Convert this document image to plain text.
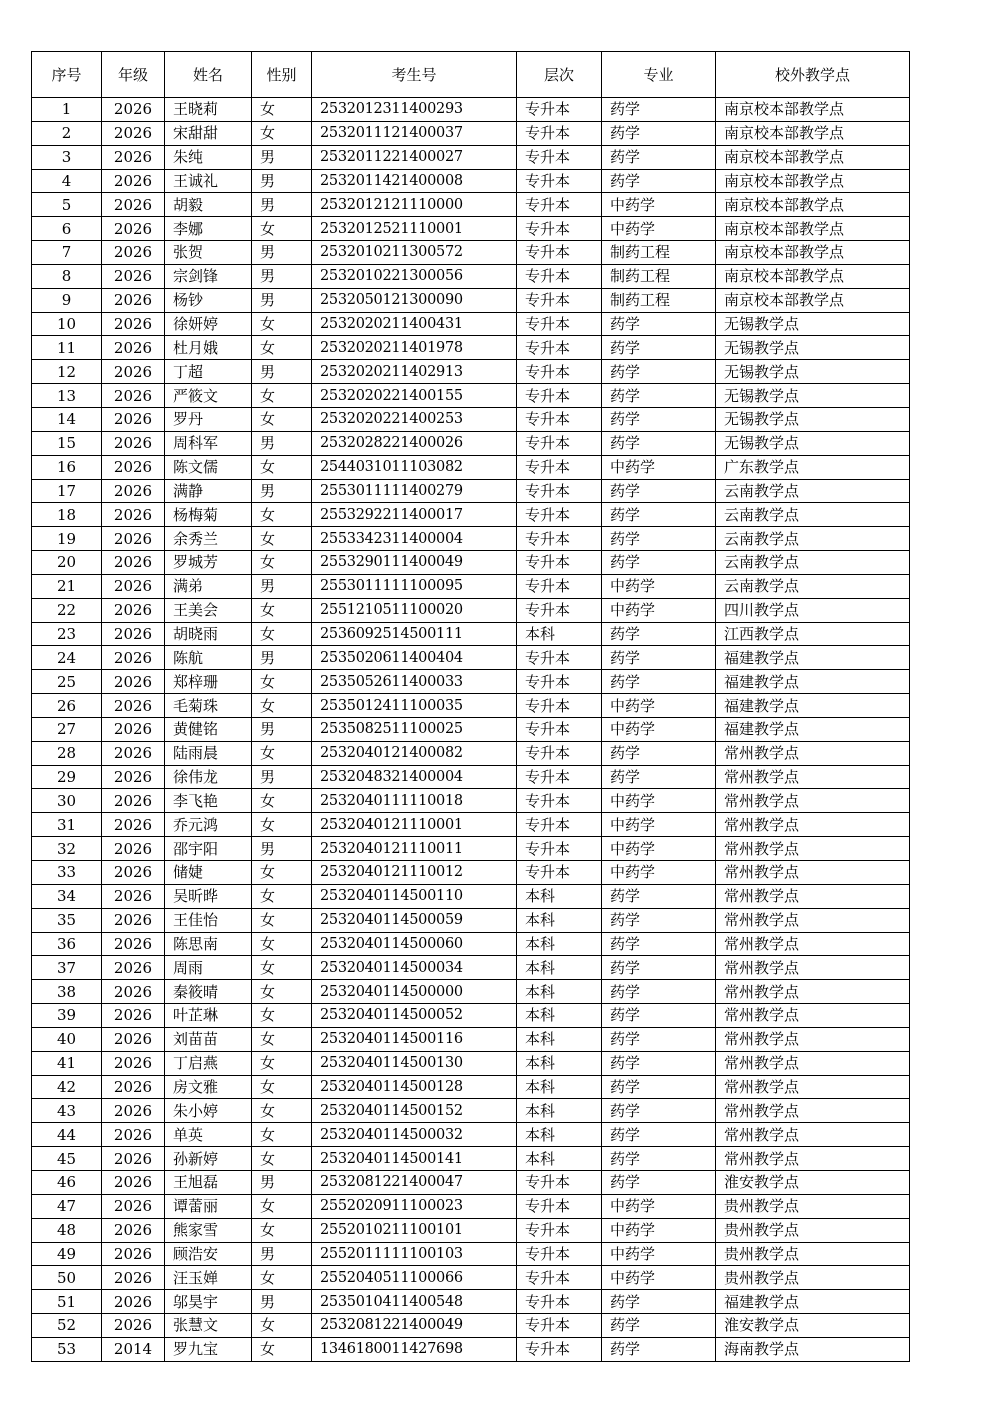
序号	年级	姓名	性别	考生号	层次	专业	校外教学点
1	2026	王晓莉	女	2532012311400293	专升本	药学	南京校本部教学点
2	2026	宋甜甜	女	2532011121400037	专升本	药学	南京校本部教学点
3	2026	朱纯	男	2532011221400027	专升本	药学	南京校本部教学点
4	2026	王诚礼	男	2532011421400008	专升本	药学	南京校本部教学点
5	2026	胡毅	男	2532012121110000	专升本	中药学	南京校本部教学点
6	2026	李娜	女	2532012521110001	专升本	中药学	南京校本部教学点
7	2026	张贺	男	2532010211300572	专升本	制药工程	南京校本部教学点
8	2026	宗剑锋	男	2532010221300056	专升本	制药工程	南京校本部教学点
9	2026	杨钞	男	2532050121300090	专升本	制药工程	南京校本部教学点
10	2026	徐妍婷	女	2532020211400431	专升本	药学	无锡教学点
11	2026	杜月娥	女	2532020211401978	专升本	药学	无锡教学点
12	2026	丁超	男	2532020211402913	专升本	药学	无锡教学点
13	2026	严筱文	女	2532020221400155	专升本	药学	无锡教学点
14	2026	罗丹	女	2532020221400253	专升本	药学	无锡教学点
15	2026	周科军	男	2532028221400026	专升本	药学	无锡教学点
16	2026	陈文儒	女	2544031011103082	专升本	中药学	广东教学点
17	2026	满静	男	2553011111400279	专升本	药学	云南教学点
18	2026	杨梅菊	女	2553292211400017	专升本	药学	云南教学点
19	2026	余秀兰	女	2553342311400004	专升本	药学	云南教学点
20	2026	罗城芳	女	2553290111400049	专升本	药学	云南教学点
21	2026	满弟	男	2553011111100095	专升本	中药学	云南教学点
22	2026	王美会	女	2551210511100020	专升本	中药学	四川教学点
23	2026	胡晓雨	女	2536092514500111	本科	药学	江西教学点
24	2026	陈航	男	2535020611400404	专升本	药学	福建教学点
25	2026	郑梓珊	女	2535052611400033	专升本	药学	福建教学点
26	2026	毛菊珠	女	2535012411100035	专升本	中药学	福建教学点
27	2026	黄健铭	男	2535082511100025	专升本	中药学	福建教学点
28	2026	陆雨晨	女	2532040121400082	专升本	药学	常州教学点
29	2026	徐伟龙	男	2532048321400004	专升本	药学	常州教学点
30	2026	李飞艳	女	2532040111110018	专升本	中药学	常州教学点
31	2026	乔元鸿	女	2532040121110001	专升本	中药学	常州教学点
32	2026	邵宇阳	男	2532040121110011	专升本	中药学	常州教学点
33	2026	储婕	女	2532040121110012	专升本	中药学	常州教学点
34	2026	吴昕晔	女	2532040114500110	本科	药学	常州教学点
35	2026	王佳怡	女	2532040114500059	本科	药学	常州教学点
36	2026	陈思南	女	2532040114500060	本科	药学	常州教学点
37	2026	周雨	女	2532040114500034	本科	药学	常州教学点
38	2026	秦筱晴	女	2532040114500000	本科	药学	常州教学点
39	2026	叶芷琳	女	2532040114500052	本科	药学	常州教学点
40	2026	刘苗苗	女	2532040114500116	本科	药学	常州教学点
41	2026	丁启燕	女	2532040114500130	本科	药学	常州教学点
42	2026	房文雅	女	2532040114500128	本科	药学	常州教学点
43	2026	朱小婷	女	2532040114500152	本科	药学	常州教学点
44	2026	单英	女	2532040114500032	本科	药学	常州教学点
45	2026	孙新婷	女	2532040114500141	本科	药学	常州教学点
46	2026	王旭磊	男	2532081221400047	专升本	药学	淮安教学点
47	2026	谭蕾丽	女	2552020911100023	专升本	中药学	贵州教学点
48	2026	熊家雪	女	2552010211100101	专升本	中药学	贵州教学点
49	2026	顾浩安	男	2552011111100103	专升本	中药学	贵州教学点
50	2026	汪玉婵	女	2552040511100066	专升本	中药学	贵州教学点
51	2026	邬昊宇	男	2535010411400548	专升本	药学	福建教学点
52	2026	张慧文	女	2532081221400049	专升本	药学	淮安教学点
53	2014	罗九宝	女	1346180011427698	专升本	药学	海南教学点
